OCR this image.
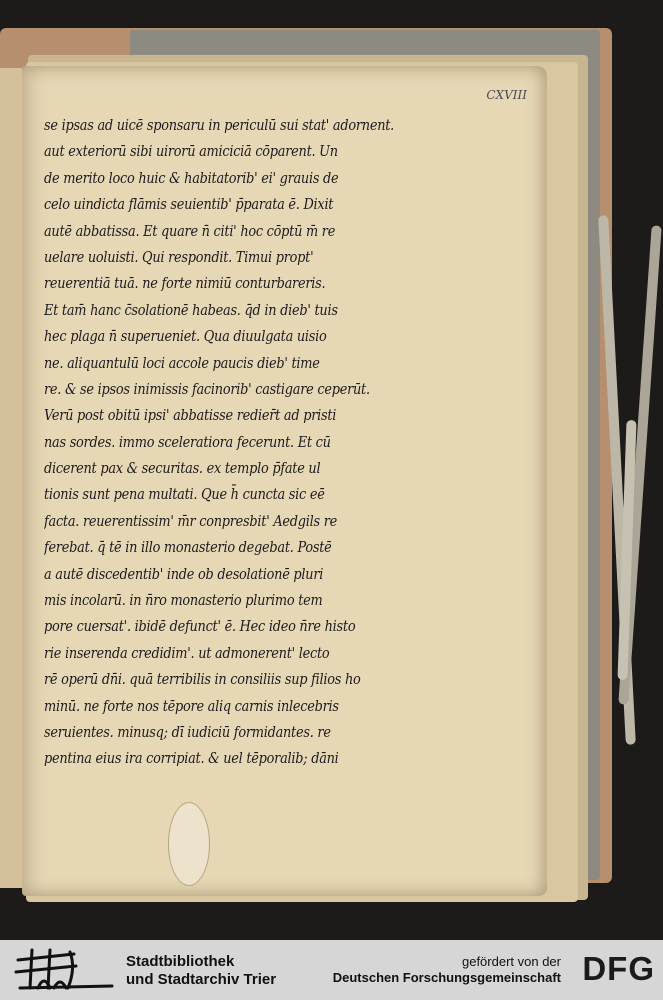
CXVIII
se ipsas ad uicē sponsaru in periculū sui stat' adornent.
aut exteriorū sibi uirorū amiciciā cōparent. Un
de merito loco huic & habitatorib' ei' grauis de
celo uindicta flāmis seuientib' p̄parata ē. Dixit
autē abbatissa. Et quare n̄ citi' hoc cōptū m̄ re
uelare uoluisti. Qui respondit. Timui propt'
reuerentiā tuā. ne forte nimiū conturbareris.
Et tam̄ hanc c̄solationē habeas. q̄d in dieb' tuis
hec plaga n̄ superueniet. Qua diuulgata uisio
ne. aliquantulū loci accole paucis dieb' time
re. & se ipsos inimissis facinorib' castigare ceperūt.
Verū post obitū ipsi' abbatisse redier̄t ad pristi
nas sordes. immo sceleratiora fecerunt. Et cū
dicerent pax & securitas. ex templo p̄fate ul
tionis sunt pena multati. Que h̄ cuncta sic eē
facta. reuerentissim' m̄r conpresbit' Aedgils re
ferebat. q̄ tē in illo monasterio degebat. Postē
a autē discedentib' inde ob desolationē pluri
mis incolarū. in n̄ro monasterio plurimo tem
pore cuersat'. ibidē defunct' ē. Hec ideo n̄re histo
rie inserenda credidim'. ut admonerent' lecto
rē operū dn̄i. quā terribilis in consiliis sup filios ho
minū. ne forte nos tēpore aliq carnis inlecebris
seruientes. minusq; dī iudiciū formidantes. re
pentina eius ira corripiat. & uel tēporalib; dāni
Stadtbibliothek
und Stadtarchiv Trier
gefördert von der
Deutschen Forschungsgemeinschaft DFG
